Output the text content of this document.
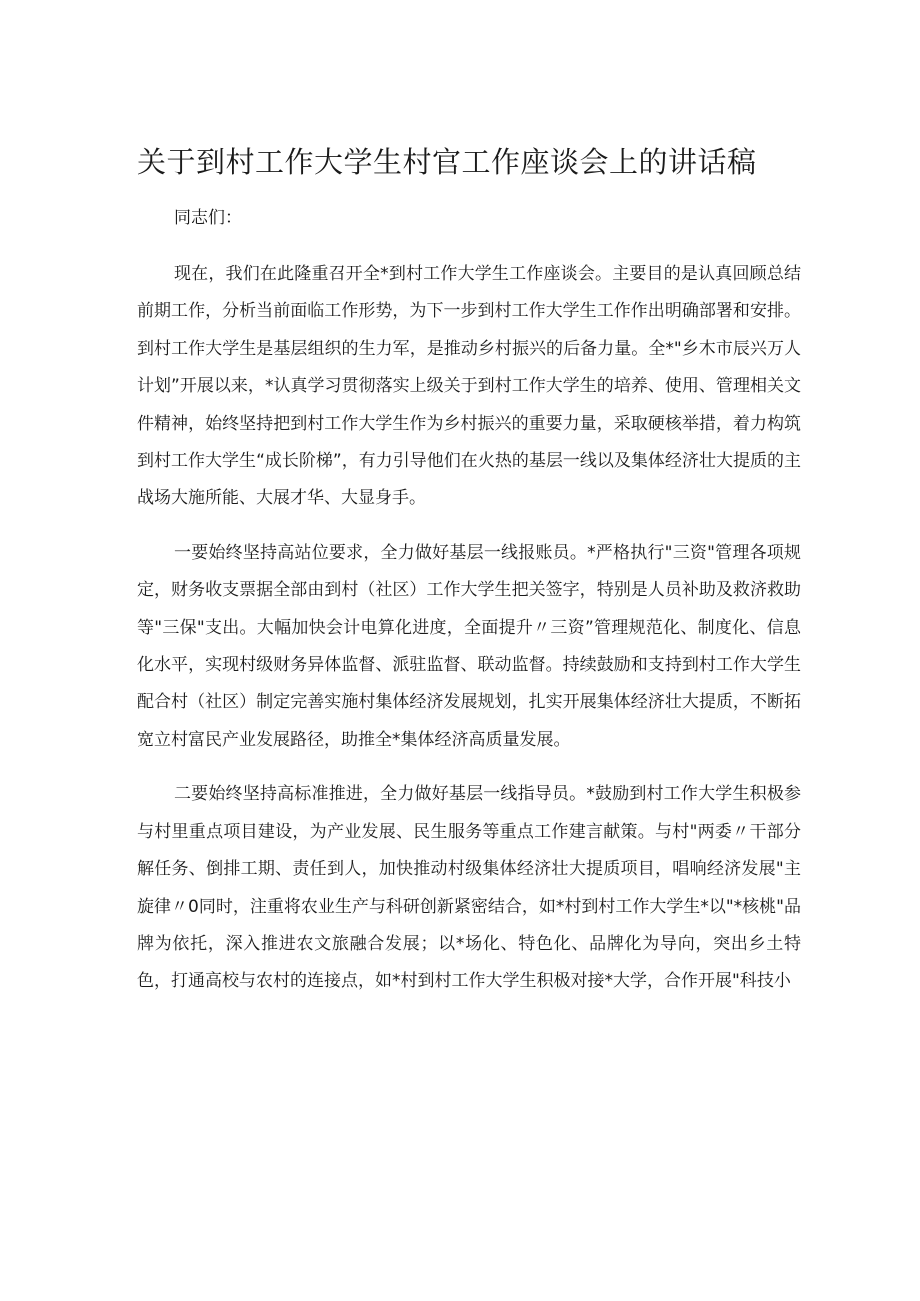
关于到村工作大学生村官工作座谈会上的讲话稿

同志们：

现在，我们在此隆重召开全*到村工作大学生工作座谈会。主要目的是认真回顾总结前期工作，分析当前面临工作形势，为下一步到村工作大学生工作作出明确部署和安排。到村工作大学生是基层组织的生力军，是推动乡村振兴的后备力量。全*"乡木市辰兴万人计划”开展以来，*认真学习贯彻落实上级关于到村工作大学生的培养、使用、管理相关文件精神，始终坚持把到村工作大学生作为乡村振兴的重要力量，采取硬核举措，着力构筑到村工作大学生“成长阶梯”，有力引导他们在火热的基层一线以及集体经济壮大提质的主战场大施所能、大展才华、大显身手。

一要始终坚持高站位要求，全力做好基层一线报账员。*严格执行"三资"管理各项规定，财务收支票据全部由到村（社区）工作大学生把关签字，特别是人员补助及救济救助等"三保"支出。大幅加快会计电算化进度，全面提升〃三资”管理规范化、制度化、信息化水平，实现村级财务异体监督、派驻监督、联动监督。持续鼓励和支持到村工作大学生配合村（社区）制定完善实施村集体经济发展规划，扎实开展集体经济壮大提质，不断拓宽立村富民产业发展路径，助推全*集体经济高质量发展。

二要始终坚持高标准推进，全力做好基层一线指导员。*鼓励到村工作大学生积极参与村里重点项目建设，为产业发展、民生服务等重点工作建言献策。与村"两委〃干部分解任务、倒排工期、责任到人，加快推动村级集体经济壮大提质项目，唱响经济发展"主旋律〃0同时，注重将农业生产与科研创新紧密结合，如*村到村工作大学生*以"*核桃"品牌为依托，深入推进农文旅融合发展；以*场化、特色化、品牌化为导向，突出乡土特色，打通高校与农村的连接点，如*村到村工作大学生积极对接*大学，合作开展"科技小
